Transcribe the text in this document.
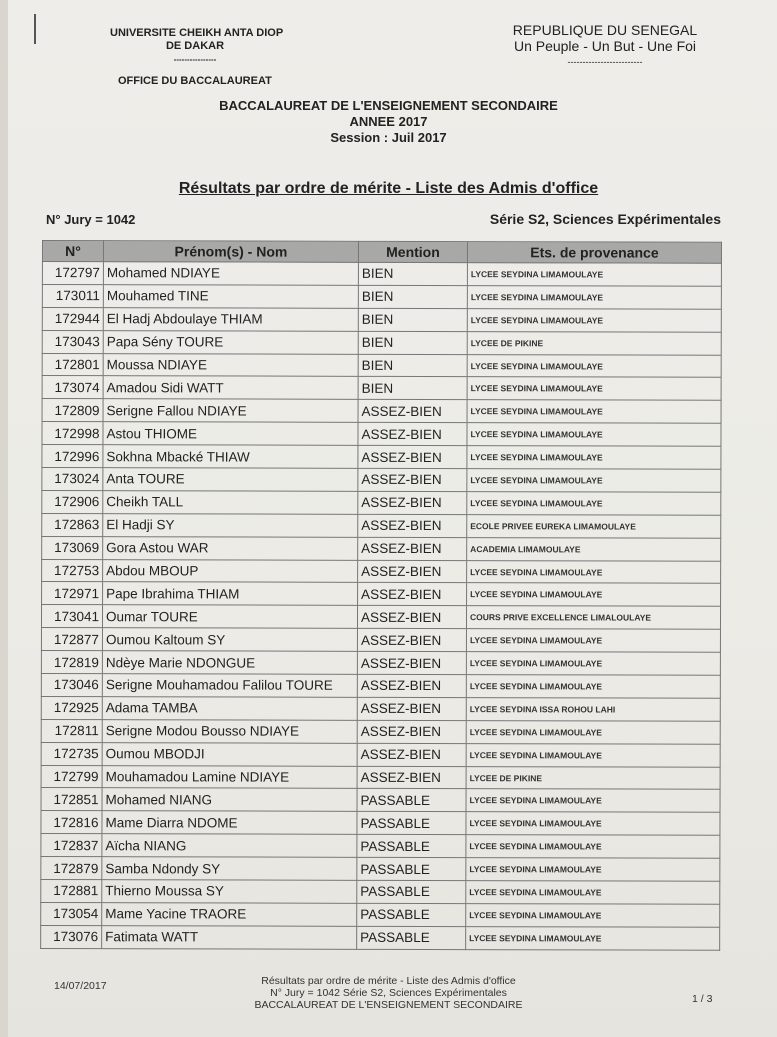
UNIVERSITE CHEIKH ANTA DIOP
DE DAKAR
----------------
OFFICE DU BACCALAUREAT
REPUBLIQUE DU SENEGAL
Un Peuple - Un But - Une Foi
-------------------------
BACCALAUREAT DE L'ENSEIGNEMENT SECONDAIRE
ANNEE 2017
Session : Juil 2017
Résultats par ordre de mérite - Liste des Admis d'office
N° Jury = 1042	Série S2, Sciences Expérimentales
N°	Prénom(s) - Nom	Mention	Ets. de provenance
172797	Mohamed NDIAYE	BIEN	LYCEE SEYDINA LIMAMOULAYE
173011	Mouhamed TINE	BIEN	LYCEE SEYDINA LIMAMOULAYE
172944	El Hadj Abdoulaye THIAM	BIEN	LYCEE SEYDINA LIMAMOULAYE
173043	Papa Sény TOURE	BIEN	LYCEE DE PIKINE
172801	Moussa NDIAYE	BIEN	LYCEE SEYDINA LIMAMOULAYE
173074	Amadou Sidi WATT	BIEN	LYCEE SEYDINA LIMAMOULAYE
172809	Serigne Fallou NDIAYE	ASSEZ-BIEN	LYCEE SEYDINA LIMAMOULAYE
172998	Astou THIOME	ASSEZ-BIEN	LYCEE SEYDINA LIMAMOULAYE
172996	Sokhna Mbacké THIAW	ASSEZ-BIEN	LYCEE SEYDINA LIMAMOULAYE
173024	Anta TOURE	ASSEZ-BIEN	LYCEE SEYDINA LIMAMOULAYE
172906	Cheikh TALL	ASSEZ-BIEN	LYCEE SEYDINA LIMAMOULAYE
172863	El Hadji SY	ASSEZ-BIEN	ECOLE PRIVEE EUREKA LIMAMOULAYE
173069	Gora Astou WAR	ASSEZ-BIEN	ACADEMIA LIMAMOULAYE
172753	Abdou MBOUP	ASSEZ-BIEN	LYCEE SEYDINA LIMAMOULAYE
172971	Pape Ibrahima THIAM	ASSEZ-BIEN	LYCEE SEYDINA LIMAMOULAYE
173041	Oumar TOURE	ASSEZ-BIEN	COURS PRIVE EXCELLENCE LIMALOULAYE
172877	Oumou Kaltoum SY	ASSEZ-BIEN	LYCEE SEYDINA LIMAMOULAYE
172819	Ndèye Marie NDONGUE	ASSEZ-BIEN	LYCEE SEYDINA LIMAMOULAYE
173046	Serigne Mouhamadou Falilou TOURE	ASSEZ-BIEN	LYCEE SEYDINA LIMAMOULAYE
172925	Adama TAMBA	ASSEZ-BIEN	LYCEE SEYDINA ISSA ROHOU LAHI
172811	Serigne Modou Bousso NDIAYE	ASSEZ-BIEN	LYCEE SEYDINA LIMAMOULAYE
172735	Oumou MBODJI	ASSEZ-BIEN	LYCEE SEYDINA LIMAMOULAYE
172799	Mouhamadou Lamine NDIAYE	ASSEZ-BIEN	LYCEE DE PIKINE
172851	Mohamed NIANG	PASSABLE	LYCEE SEYDINA LIMAMOULAYE
172816	Mame Diarra NDOME	PASSABLE	LYCEE SEYDINA LIMAMOULAYE
172837	Aïcha NIANG	PASSABLE	LYCEE SEYDINA LIMAMOULAYE
172879	Samba Ndondy SY	PASSABLE	LYCEE SEYDINA LIMAMOULAYE
172881	Thierno Moussa SY	PASSABLE	LYCEE SEYDINA LIMAMOULAYE
173054	Mame Yacine TRAORE	PASSABLE	LYCEE SEYDINA LIMAMOULAYE
173076	Fatimata WATT	PASSABLE	LYCEE SEYDINA LIMAMOULAYE
14/07/2017	Résultats par ordre de mérite - Liste des Admis d'office
N° Jury = 1042 Série S2, Sciences Expérimentales
BACCALAUREAT DE L'ENSEIGNEMENT SECONDAIRE	1 / 3
